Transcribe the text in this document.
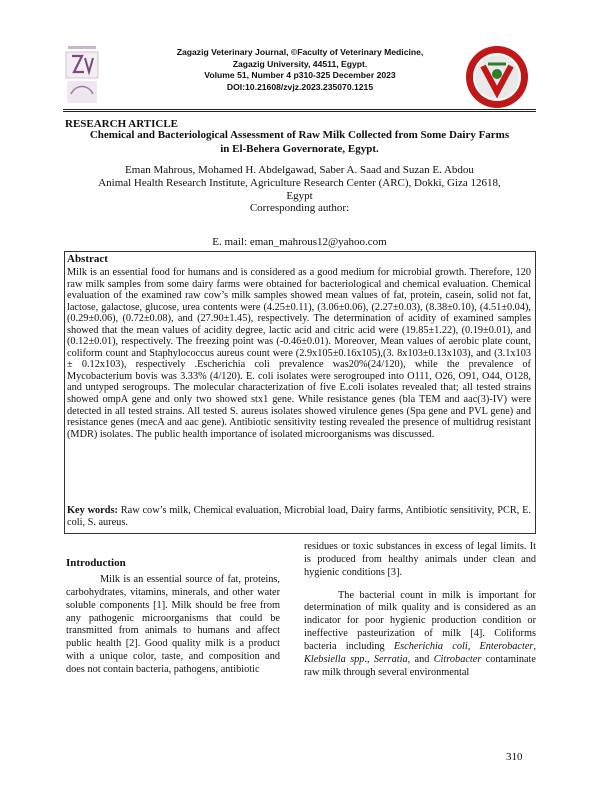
Zagazig Veterinary Journal, ©Faculty of Veterinary Medicine,
Zagazig University, 44511, Egypt.
Volume 51, Number 4 p310-325 December 2023
DOI:10.21608/zvjz.2023.235070.1215
RESEARCH ARTICLE
Chemical and Bacteriological Assessment of Raw Milk Collected from Some Dairy Farms
in El-Behera Governorate, Egypt.
Eman Mahrous, Mohamed H. Abdelgawad, Saber A. Saad and Suzan E. Abdou
Animal Health Research Institute, Agriculture Research Center (ARC), Dokki, Giza 12618,
Egypt
Corresponding author:
E. mail: eman_mahrous12@yahoo.com
Abstract
Milk is an essential food for humans and is considered as a good medium for microbial growth. Therefore, 120 raw milk samples from some dairy farms were obtained for bacteriological and chemical evaluation. Chemical evaluation of the examined raw cow’s milk samples showed mean values of fat, protein, casein, solid not fat, lactose, galactose, glucose, urea contents were (4.25±0.11), (3.06±0.06), (2.27±0.03), (8.38±0.10), (4.51±0.04), (0.29±0.06), (0.72±0.08), and (27.90±1.45), respectively. The determination of acidity of examined samples showed that the mean values of acidity degree, lactic acid and citric acid were (19.85±1.22), (0.19±0.01), and (0.12±0.01), respectively. The freezing point was (-0.46±0.01). Moreover, Mean values of aerobic plate count, coliform count and Staphylococcus aureus count were (2.9x105±0.16x105),(3. 8x103±0.13x103), and (3.1x103 ± 0.12x103), respectively .Escherichia coli prevalence was20%(24/120), while the prevalence of Mycobacterium bovis was 3.33% (4/120). E. coli isolates were serogrouped into O111, O26, O91, O44, O128, and untyped serogroups. The molecular characterization of five E.coli isolates revealed that; all tested strains showed ompA gene and only two showed stx1 gene. While resistance genes (bla TEM and aac(3)-IV) were detected in all tested strains. All tested S. aureus isolates showed virulence genes (Spa gene and PVL gene) and resistance genes (mecA and aac gene). Antibiotic sensitivity testing revealed the presence of multidrug resistant (MDR) isolates. The public health importance of isolated microorganisms was discussed.
Key words: Raw cow’s milk, Chemical evaluation, Microbial load, Dairy farms, Antibiotic sensitivity, PCR, E. coli, S. aureus.
Introduction
Milk is an essential source of fat, proteins, carbohydrates, vitamins, minerals, and other water soluble components [1]. Milk should be free from any pathogenic microorganisms that could be transmitted from animals to humans and affect public health [2]. Good quality milk is a product with a unique color, taste, and composition and does not contain bacteria, pathogens, antibiotic
residues or toxic substances in excess of legal limits. It is produced from healthy animals under clean and hygienic conditions [3].
The bacterial count in milk is important for determination of milk quality and is considered as an indicator for poor hygienic production condition or ineffective pasteurization of milk [4]. Coliforms bacteria including Escherichia coli, Enterobacter, Klebsiella spp., Serratia, and Citrobacter contaminate raw milk through several environmental
310
